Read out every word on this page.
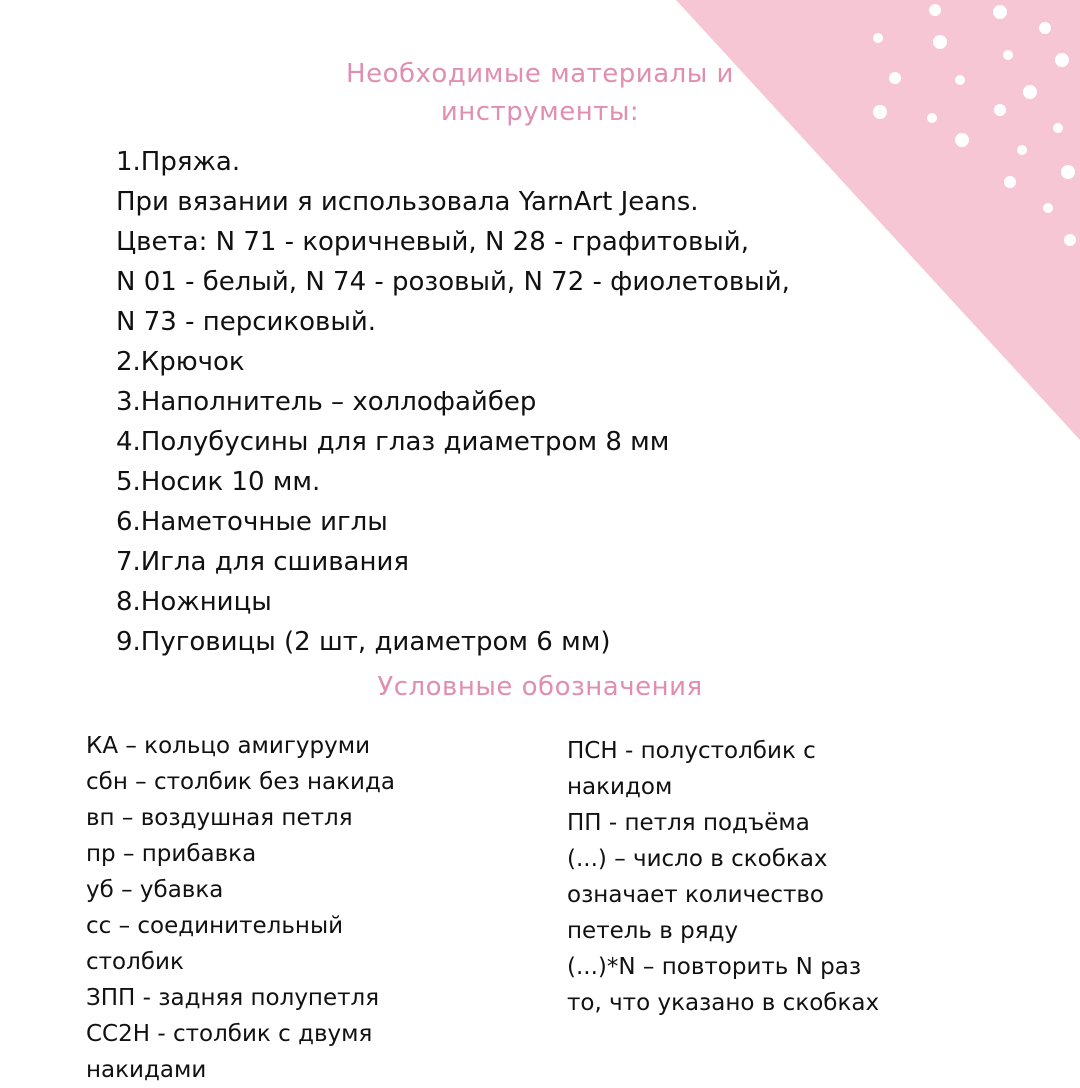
Необходимые материалы и
инструменты:
1.Пряжа.
При вязании я использовала YarnArt Jeans.
Цвета: N 71 - коричневый, N 28 - графитовый,
N 01 - белый, N 74 - розовый, N 72 - фиолетовый,
N 73 - персиковый.
2.Крючок
3.Наполнитель – холлофайбер
4.Полубусины для глаз диаметром 8 мм
5.Носик 10 мм.
6.Наметочные иглы
7.Игла для сшивания
8.Ножницы
9.Пуговицы (2 шт, диаметром 6 мм)
Условные обозначения
КА – кольцо амигуруми
сбн – столбик без накида
вп – воздушная петля
пр – прибавка
уб – убавка
сс – соединительный
столбик
ЗПП - задняя полупетля
СС2Н - столбик с двумя
накидами
ПСН - полустолбик с
накидом
ПП - петля подъёма
(...) – число в скобках
означает количество
петель в ряду
(...)*N – повторить N раз
то, что указано в скобках
